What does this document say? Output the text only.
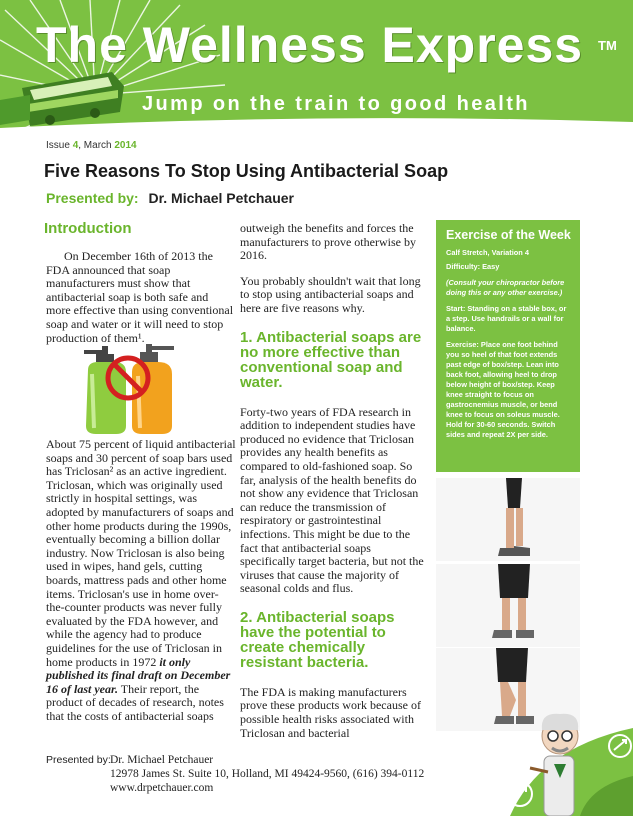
The Wellness Express TM
Jump on the train to good health
Issue 4, March 2014
Five Reasons To Stop Using Antibacterial Soap
Presented by: Dr. Michael Petchauer
Introduction

On December 16th of 2013 the FDA announced that soap manufacturers must show that antibacterial soap is both safe and more effective than using conventional soap and water or it will need to stop production of them¹.

About 75 percent of liquid antibacterial soaps and 30 percent of soap bars used has Triclosan² as an active ingredient. Triclosan, which was originally used strictly in hospital settings, was adopted by manufacturers of soaps and other home products during the 1990s, eventually becoming a billion dollar industry. Now Triclosan is also being used in wipes, hand gels, cutting boards, mattress pads and other home items. Triclosan's use in home over-the-counter products was never fully evaluated by the FDA however, and while the agency had to produce guidelines for the use of Triclosan in home products in 1972 it only published its final draft on December 16 of last year. Their report, the product of decades of research, notes that the costs of antibacterial soaps

outweigh the benefits and forces the manufacturers to prove otherwise by 2016.

You probably shouldn't wait that long to stop using antibacterial soaps and here are five reasons why.

1. Antibacterial soaps are no more effective than conventional soap and water.

Forty-two years of FDA research in addition to independent studies have produced no evidence that Triclosan provides any health benefits as compared to old-fashioned soap. So far, analysis of the health benefits do not show any evidence that Triclosan can reduce the transmission of respiratory or gastrointestinal infections. This might be due to the fact that antibacterial soaps specifically target bacteria, but not the viruses that cause the majority of seasonal colds and flus.

2. Antibacterial soaps have the potential to create chemically resistant bacteria.

The FDA is making manufacturers prove these products work because of possible health risks associated with Triclosan and bacterial

Exercise of the Week

Calf Stretch, Variation 4

Difficulty: Easy

(Consult your chiropractor before doing this or any other exercise.)

Start: Standing on a stable box, or a step. Use handrails or a wall for balance.

Exercise: Place one foot behind you so heel of that foot extends past edge of box/step. Lean into back foot, allowing heel to drop below height of box/step. Keep knee straight to focus on gastrocnemius muscle, or bend knee to focus on soleus muscle. Hold for 30-60 seconds. Switch sides and repeat 2X per side.

Presented by: Dr. Michael Petchauer
12978 James St. Suite 10, Holland, MI 49424-9560, (616) 394-0112
www.drpetchauer.com
